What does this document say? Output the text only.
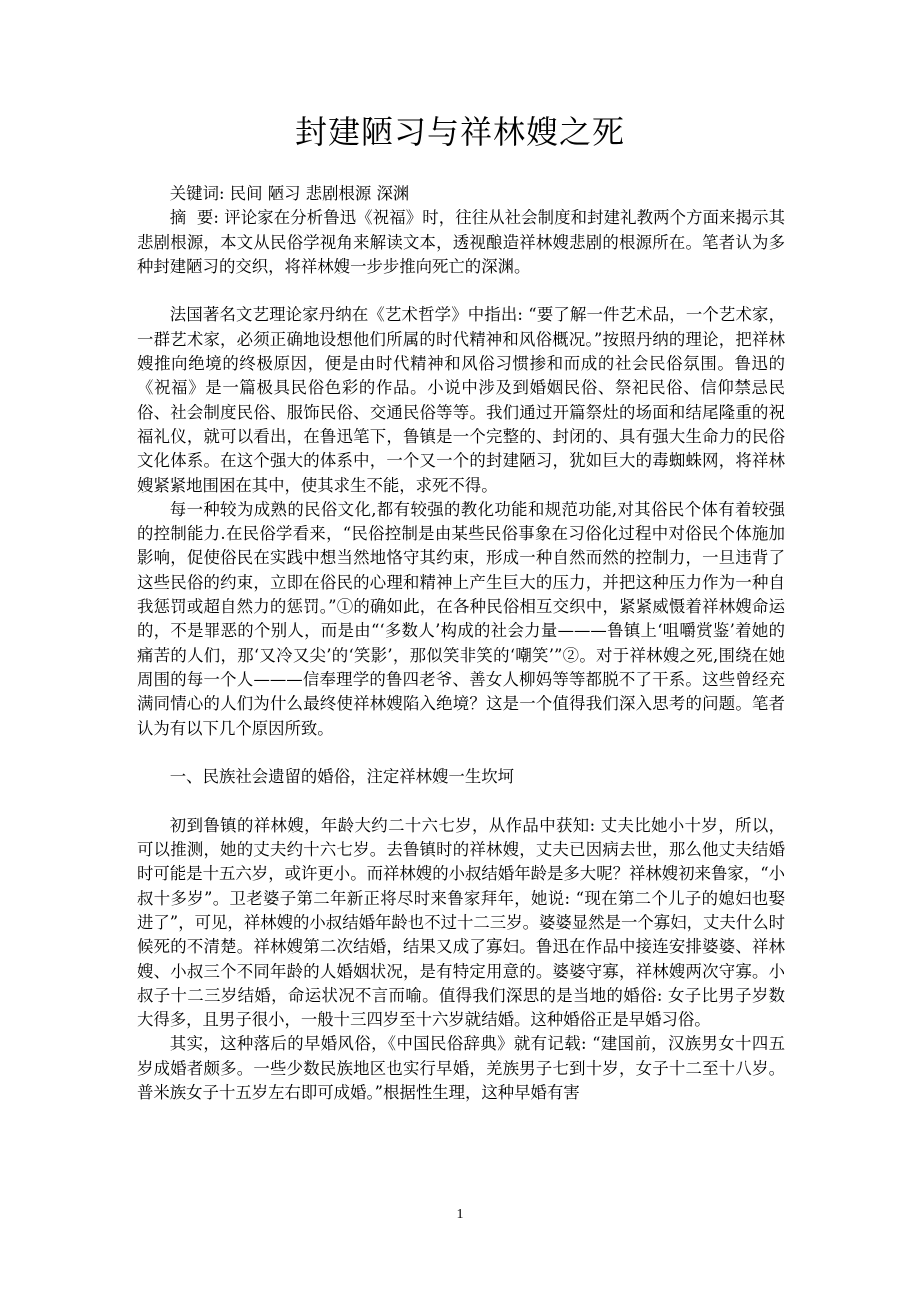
封建陋习与祥林嫂之死

关键词: 民间 陋习 悲剧根源 深渊

摘  要: 评论家在分析鲁迅《祝福》时，往往从社会制度和封建礼教两个方面来揭示其悲剧根源，本文从民俗学视角来解读文本，透视酿造祥林嫂悲剧的根源所在。笔者认为多种封建陋习的交织，将祥林嫂一步步推向死亡的深渊。

法国著名文艺理论家丹纳在《艺术哲学》中指出: “要了解一件艺术品，一个艺术家，一群艺术家，必须正确地设想他们所属的时代精神和风俗概况。”按照丹纳的理论，把祥林嫂推向绝境的终极原因，便是由时代精神和风俗习惯掺和而成的社会民俗氛围。鲁迅的《祝福》是一篇极具民俗色彩的作品。小说中涉及到婚姻民俗、祭祀民俗、信仰禁忌民俗、社会制度民俗、服饰民俗、交通民俗等等。我们通过开篇祭灶的场面和结尾隆重的祝福礼仪，就可以看出，在鲁迅笔下，鲁镇是一个完整的、封闭的、具有强大生命力的民俗文化体系。在这个强大的体系中，一个又一个的封建陋习，犹如巨大的毒蜘蛛网，将祥林嫂紧紧地围困在其中，使其求生不能，求死不得。

每一种较为成熟的民俗文化,都有较强的教化功能和规范功能,对其俗民个体有着较强的控制能力.在民俗学看来，“民俗控制是由某些民俗事象在习俗化过程中对俗民个体施加影响，促使俗民在实践中想当然地恪守其约束，形成一种自然而然的控制力，一旦违背了这些民俗的约束，立即在俗民的心理和精神上产生巨大的压力，并把这种压力作为一种自我惩罚或超自然力的惩罚。”①的确如此，在各种民俗相互交织中，紧紧威慑着祥林嫂命运的，不是罪恶的个别人，而是由“‘多数人’构成的社会力量———鲁镇上‘咀嚼赏鉴’着她的痛苦的人们，那‘又冷又尖’的‘笑影’，那似笑非笑的‘嘲笑’”②。对于祥林嫂之死,围绕在她周围的每一个人———信奉理学的鲁四老爷、善女人柳妈等等都脱不了干系。这些曾经充满同情心的人们为什么最终使祥林嫂陷入绝境？这是一个值得我们深入思考的问题。笔者认为有以下几个原因所致。

一、民族社会遗留的婚俗，注定祥林嫂一生坎坷

初到鲁镇的祥林嫂，年龄大约二十六七岁，从作品中获知: 丈夫比她小十岁，所以，可以推测，她的丈夫约十六七岁。去鲁镇时的祥林嫂，丈夫已因病去世，那么他丈夫结婚时可能是十五六岁，或许更小。而祥林嫂的小叔结婚年龄是多大呢？祥林嫂初来鲁家，“小叔十多岁”。卫老婆子第二年新正将尽时来鲁家拜年，她说: “现在第二个儿子的媳妇也娶进了”，可见，祥林嫂的小叔结婚年龄也不过十二三岁。婆婆显然是一个寡妇，丈夫什么时候死的不清楚。祥林嫂第二次结婚，结果又成了寡妇。鲁迅在作品中接连安排婆婆、祥林嫂、小叔三个不同年龄的人婚姻状况，是有特定用意的。婆婆守寡，祥林嫂两次守寡。小叔子十二三岁结婚，命运状况不言而喻。值得我们深思的是当地的婚俗: 女子比男子岁数大得多，且男子很小，一般十三四岁至十六岁就结婚。这种婚俗正是早婚习俗。

其实，这种落后的早婚风俗，《中国民俗辞典》就有记载: “建国前，汉族男女十四五岁成婚者颇多。一些少数民族地区也实行早婚，羌族男子七到十岁，女子十二至十八岁。普米族女子十五岁左右即可成婚。”根据性生理，这种早婚有害

1
